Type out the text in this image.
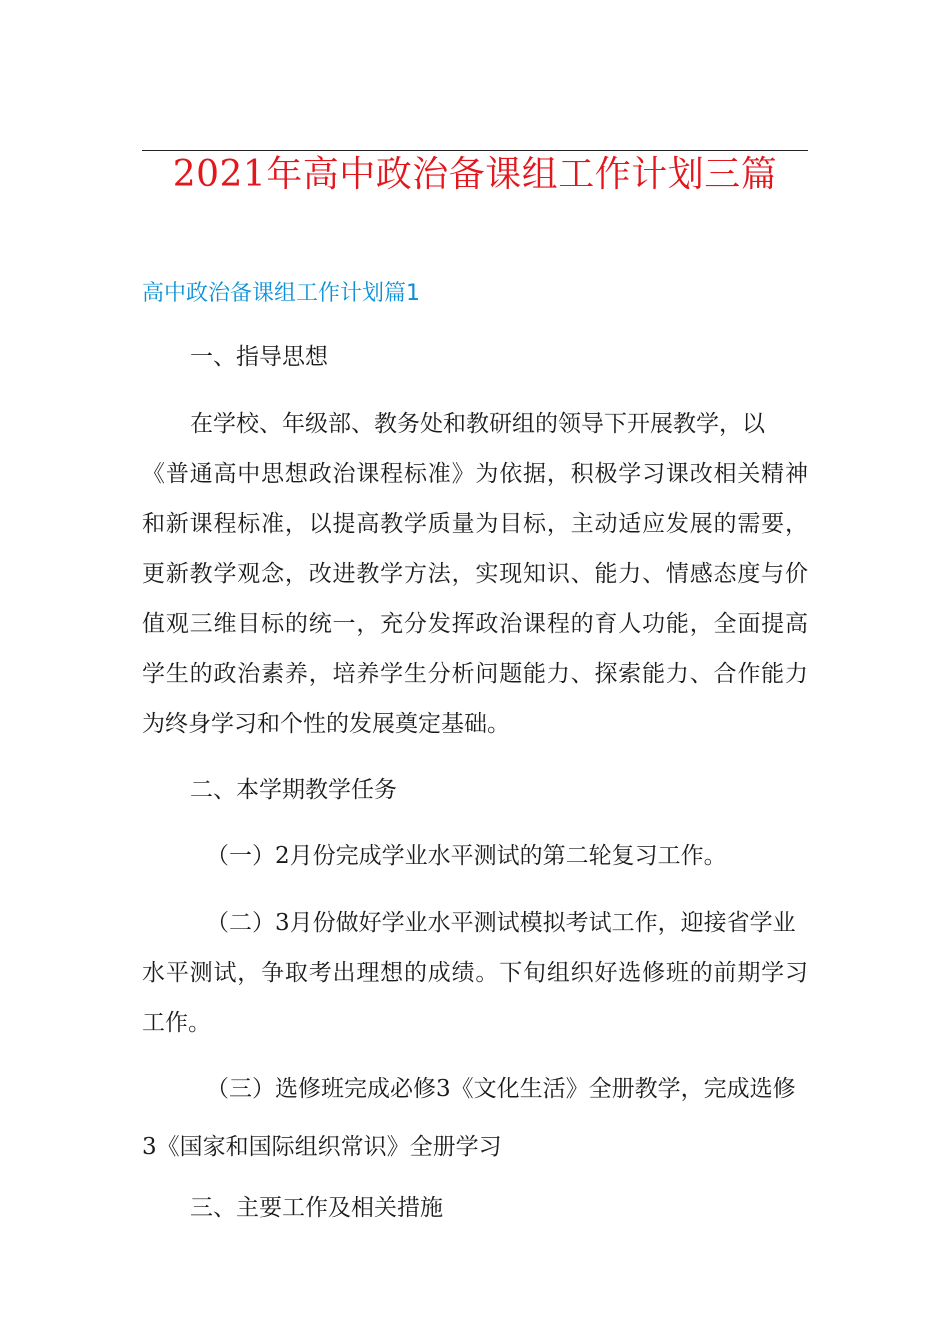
2021年高中政治备课组工作计划三篇
高中政治备课组工作计划篇1
一、指导思想
在学校、年级部、教务处和教研组的领导下开展教学，以
《普通高中思想政治课程标准》为依据，积极学习课改相关精神
和新课程标准，以提高教学质量为目标，主动适应发展的需要，
更新教学观念，改进教学方法，实现知识、能力、情感态度与价
值观三维目标的统一，充分发挥政治课程的育人功能，全面提高
学生的政治素养，培养学生分析问题能力、探索能力、合作能力
为终身学习和个性的发展奠定基础。
二、本学期教学任务
（一）2月份完成学业水平测试的第二轮复习工作。
（二）3月份做好学业水平测试模拟考试工作，迎接省学业
水平测试，争取考出理想的成绩。下旬组织好选修班的前期学习
工作。
（三）选修班完成必修3《文化生活》全册教学，完成选修
3《国家和国际组织常识》全册学习
三、主要工作及相关措施
